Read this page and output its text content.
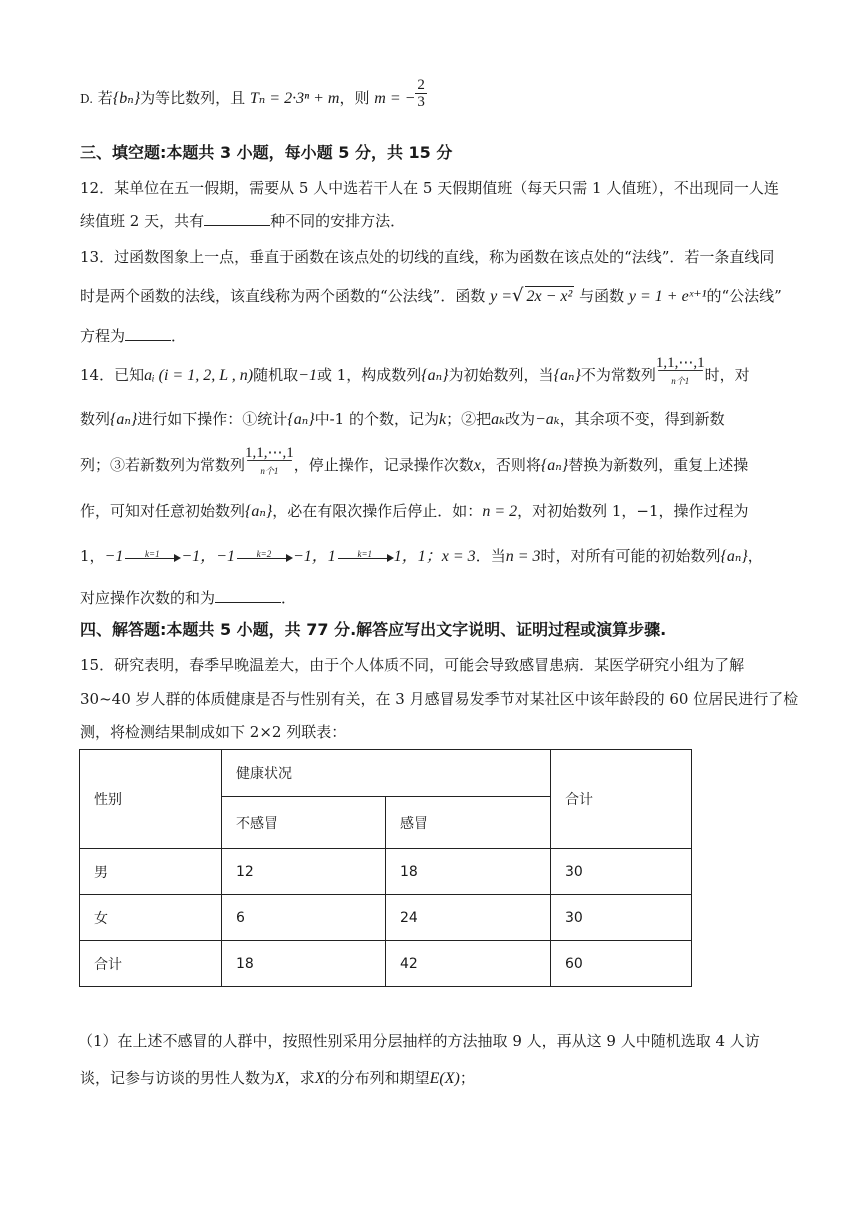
D. 若{bₙ}为等比数列，且 Tₙ = 2·3ⁿ + m，则 m = − $\frac{2}{3}$
三、填空题:本题共 3 小题，每小题 5 分，共 15 分
12．某单位在五一假期，需要从 5 人中选若干人在 5 天假期值班（每天只需 1 人值班），不出现同一人连
续值班 2 天，共有	种不同的安排方法．
13．过函数图象上一点，垂直于函数在该点处的切线的直线，称为函数在该点处的“法线”．若一条直线同
时是两个函数的法线，该直线称为两个函数的“公法线”．函数 y =√ 2x − x² 与函数 y = 1 + eˣ⁺¹的“公法线”
方程为	．
14．已知aᵢ (i = 1, 2, L , n)随机取−1或 1，构成数列{aₙ}为初始数列，当{aₙ}不为常数列
1,1,⋯,1
n个1	时，对
数列{aₙ}进行如下操作：①统计{aₙ}中-1 的个数，记为k；②把aₖ改为−aₖ，其余项不变，得到新数
列；③若新数列为常数列
1,1,⋯,1
n个1	，停止操作，记录操作次数x，否则将{aₙ}替换为新数列，重复上述操
作，可知对任意初始数列{aₙ}，必在有限次操作后停止．如：n = 2，对初始数列 1，−1，操作过程为
1，−1	k=1	−1，−1	k=2	−1，1	k=1	1，1；x = 3．当n = 3时，对所有可能的初始数列{aₙ}，
对应操作次数的和为	．
四、解答题:本题共 5 小题，共 77 分.解答应写出文字说明、证明过程或演算步骤.
15．研究表明，春季早晚温差大，由于个人体质不同，可能会导致感冒患病．某医学研究小组为了解
30~40 岁人群的体质健康是否与性别有关，在 3 月感冒易发季节对某社区中该年龄段的 60 位居民进行了检
测，将检测结果制成如下 2×2 列联表：
性别	健康状况		合计
	不感冒	感冒	
男	12	18	30
女	6	24	30
合计	18	42	60
（1）在上述不感冒的人群中，按照性别采用分层抽样的方法抽取 9 人，再从这 9 人中随机选取 4 人访
谈，记参与访谈的男性人数为X，求X的分布列和期望E(X)；
